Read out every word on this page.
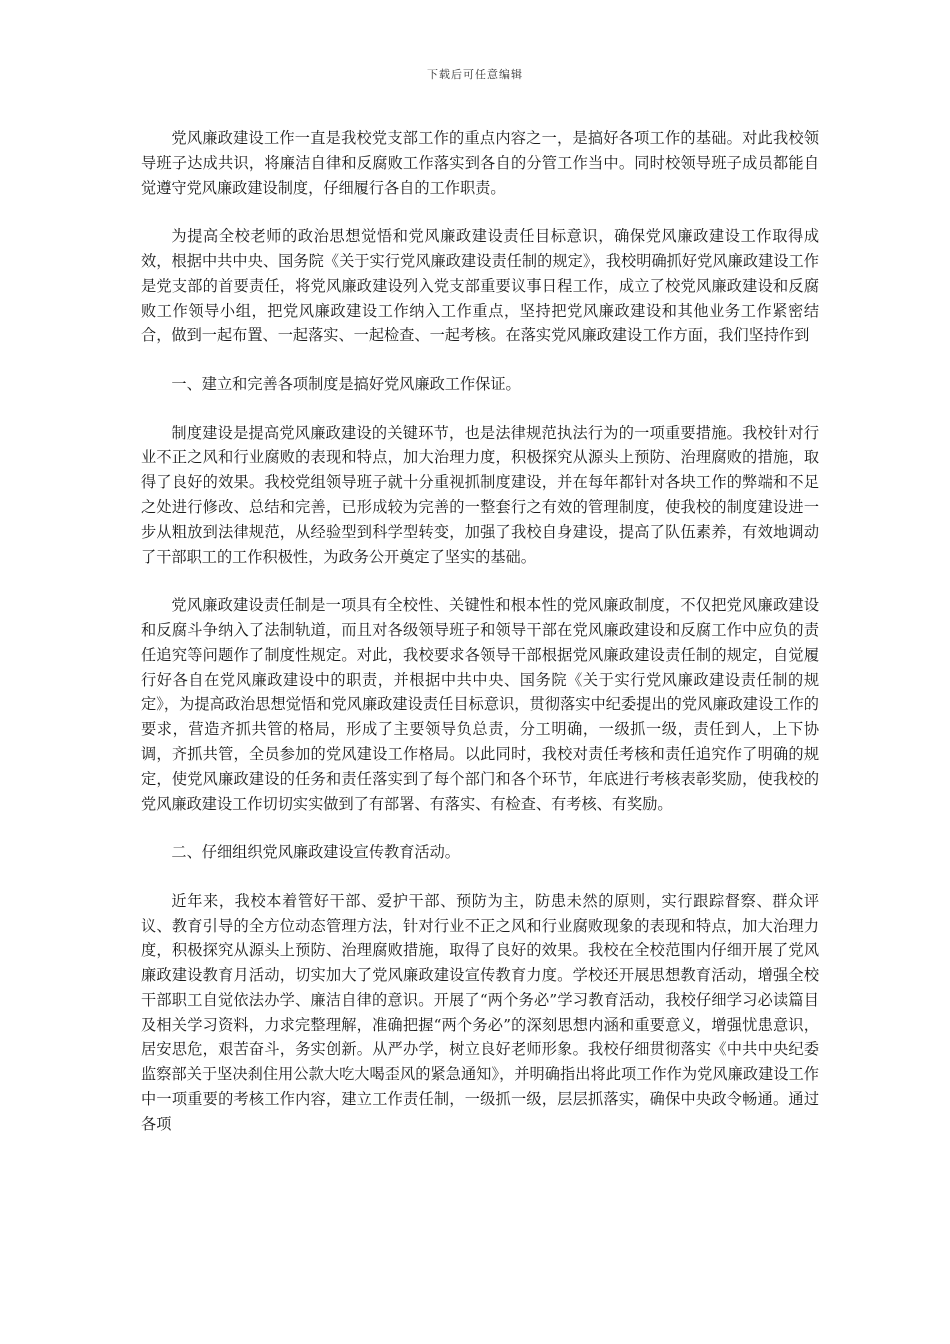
下载后可任意编辑

党风廉政建设工作一直是我校党支部工作的重点内容之一，是搞好各项工作的基础。对此我校领导班子达成共识，将廉洁自律和反腐败工作落实到各自的分管工作当中。同时校领导班子成员都能自觉遵守党风廉政建设制度，仔细履行各自的工作职责。

为提高全校老师的政治思想觉悟和党风廉政建设责任目标意识，确保党风廉政建设工作取得成效，根据中共中央、国务院《关于实行党风廉政建设责任制的规定》，我校明确抓好党风廉政建设工作是党支部的首要责任，将党风廉政建设列入党支部重要议事日程工作，成立了校党风廉政建设和反腐败工作领导小组，把党风廉政建设工作纳入工作重点，坚持把党风廉政建设和其他业务工作紧密结合，做到一起布置、一起落实、一起检查、一起考核。在落实党风廉政建设工作方面，我们坚持作到

一、建立和完善各项制度是搞好党风廉政工作保证。

制度建设是提高党风廉政建设的关键环节，也是法律规范执法行为的一项重要措施。我校针对行业不正之风和行业腐败的表现和特点，加大治理力度，积极探究从源头上预防、治理腐败的措施，取得了良好的效果。我校党组领导班子就十分重视抓制度建设，并在每年都针对各块工作的弊端和不足之处进行修改、总结和完善，已形成较为完善的一整套行之有效的管理制度，使我校的制度建设进一步从粗放到法律规范，从经验型到科学型转变，加强了我校自身建设，提高了队伍素养，有效地调动了干部职工的工作积极性，为政务公开奠定了坚实的基础。

党风廉政建设责任制是一项具有全校性、关键性和根本性的党风廉政制度，不仅把党风廉政建设和反腐斗争纳入了法制轨道，而且对各级领导班子和领导干部在党风廉政建设和反腐工作中应负的责任追究等问题作了制度性规定。对此，我校要求各领导干部根据党风廉政建设责任制的规定，自觉履行好各自在党风廉政建设中的职责，并根据中共中央、国务院《关于实行党风廉政建设责任制的规定》，为提高政治思想觉悟和党风廉政建设责任目标意识，贯彻落实中纪委提出的党风廉政建设工作的要求，营造齐抓共管的格局，形成了主要领导负总责，分工明确，一级抓一级，责任到人，上下协调，齐抓共管，全员参加的党风建设工作格局。以此同时，我校对责任考核和责任追究作了明确的规定，使党风廉政建设的任务和责任落实到了每个部门和各个环节，年底进行考核表彰奖励，使我校的党风廉政建设工作切切实实做到了有部署、有落实、有检查、有考核、有奖励。

二、仔细组织党风廉政建设宣传教育活动。

近年来，我校本着管好干部、爱护干部、预防为主，防患未然的原则，实行跟踪督察、群众评议、教育引导的全方位动态管理方法，针对行业不正之风和行业腐败现象的表现和特点，加大治理力度，积极探究从源头上预防、治理腐败措施，取得了良好的效果。我校在全校范围内仔细开展了党风廉政建设教育月活动，切实加大了党风廉政建设宣传教育力度。学校还开展思想教育活动，增强全校干部职工自觉依法办学、廉洁自律的意识。开展了“两个务必”学习教育活动，我校仔细学习必读篇目及相关学习资料，力求完整理解，准确把握“两个务必”的深刻思想内涵和重要意义，增强忧患意识，居安思危，艰苦奋斗，务实创新。从严办学，树立良好老师形象。我校仔细贯彻落实《中共中央纪委监察部关于坚决刹住用公款大吃大喝歪风的紧急通知》，并明确指出将此项工作作为党风廉政建设工作中一项重要的考核工作内容，建立工作责任制，一级抓一级，层层抓落实，确保中央政令畅通。通过各项
